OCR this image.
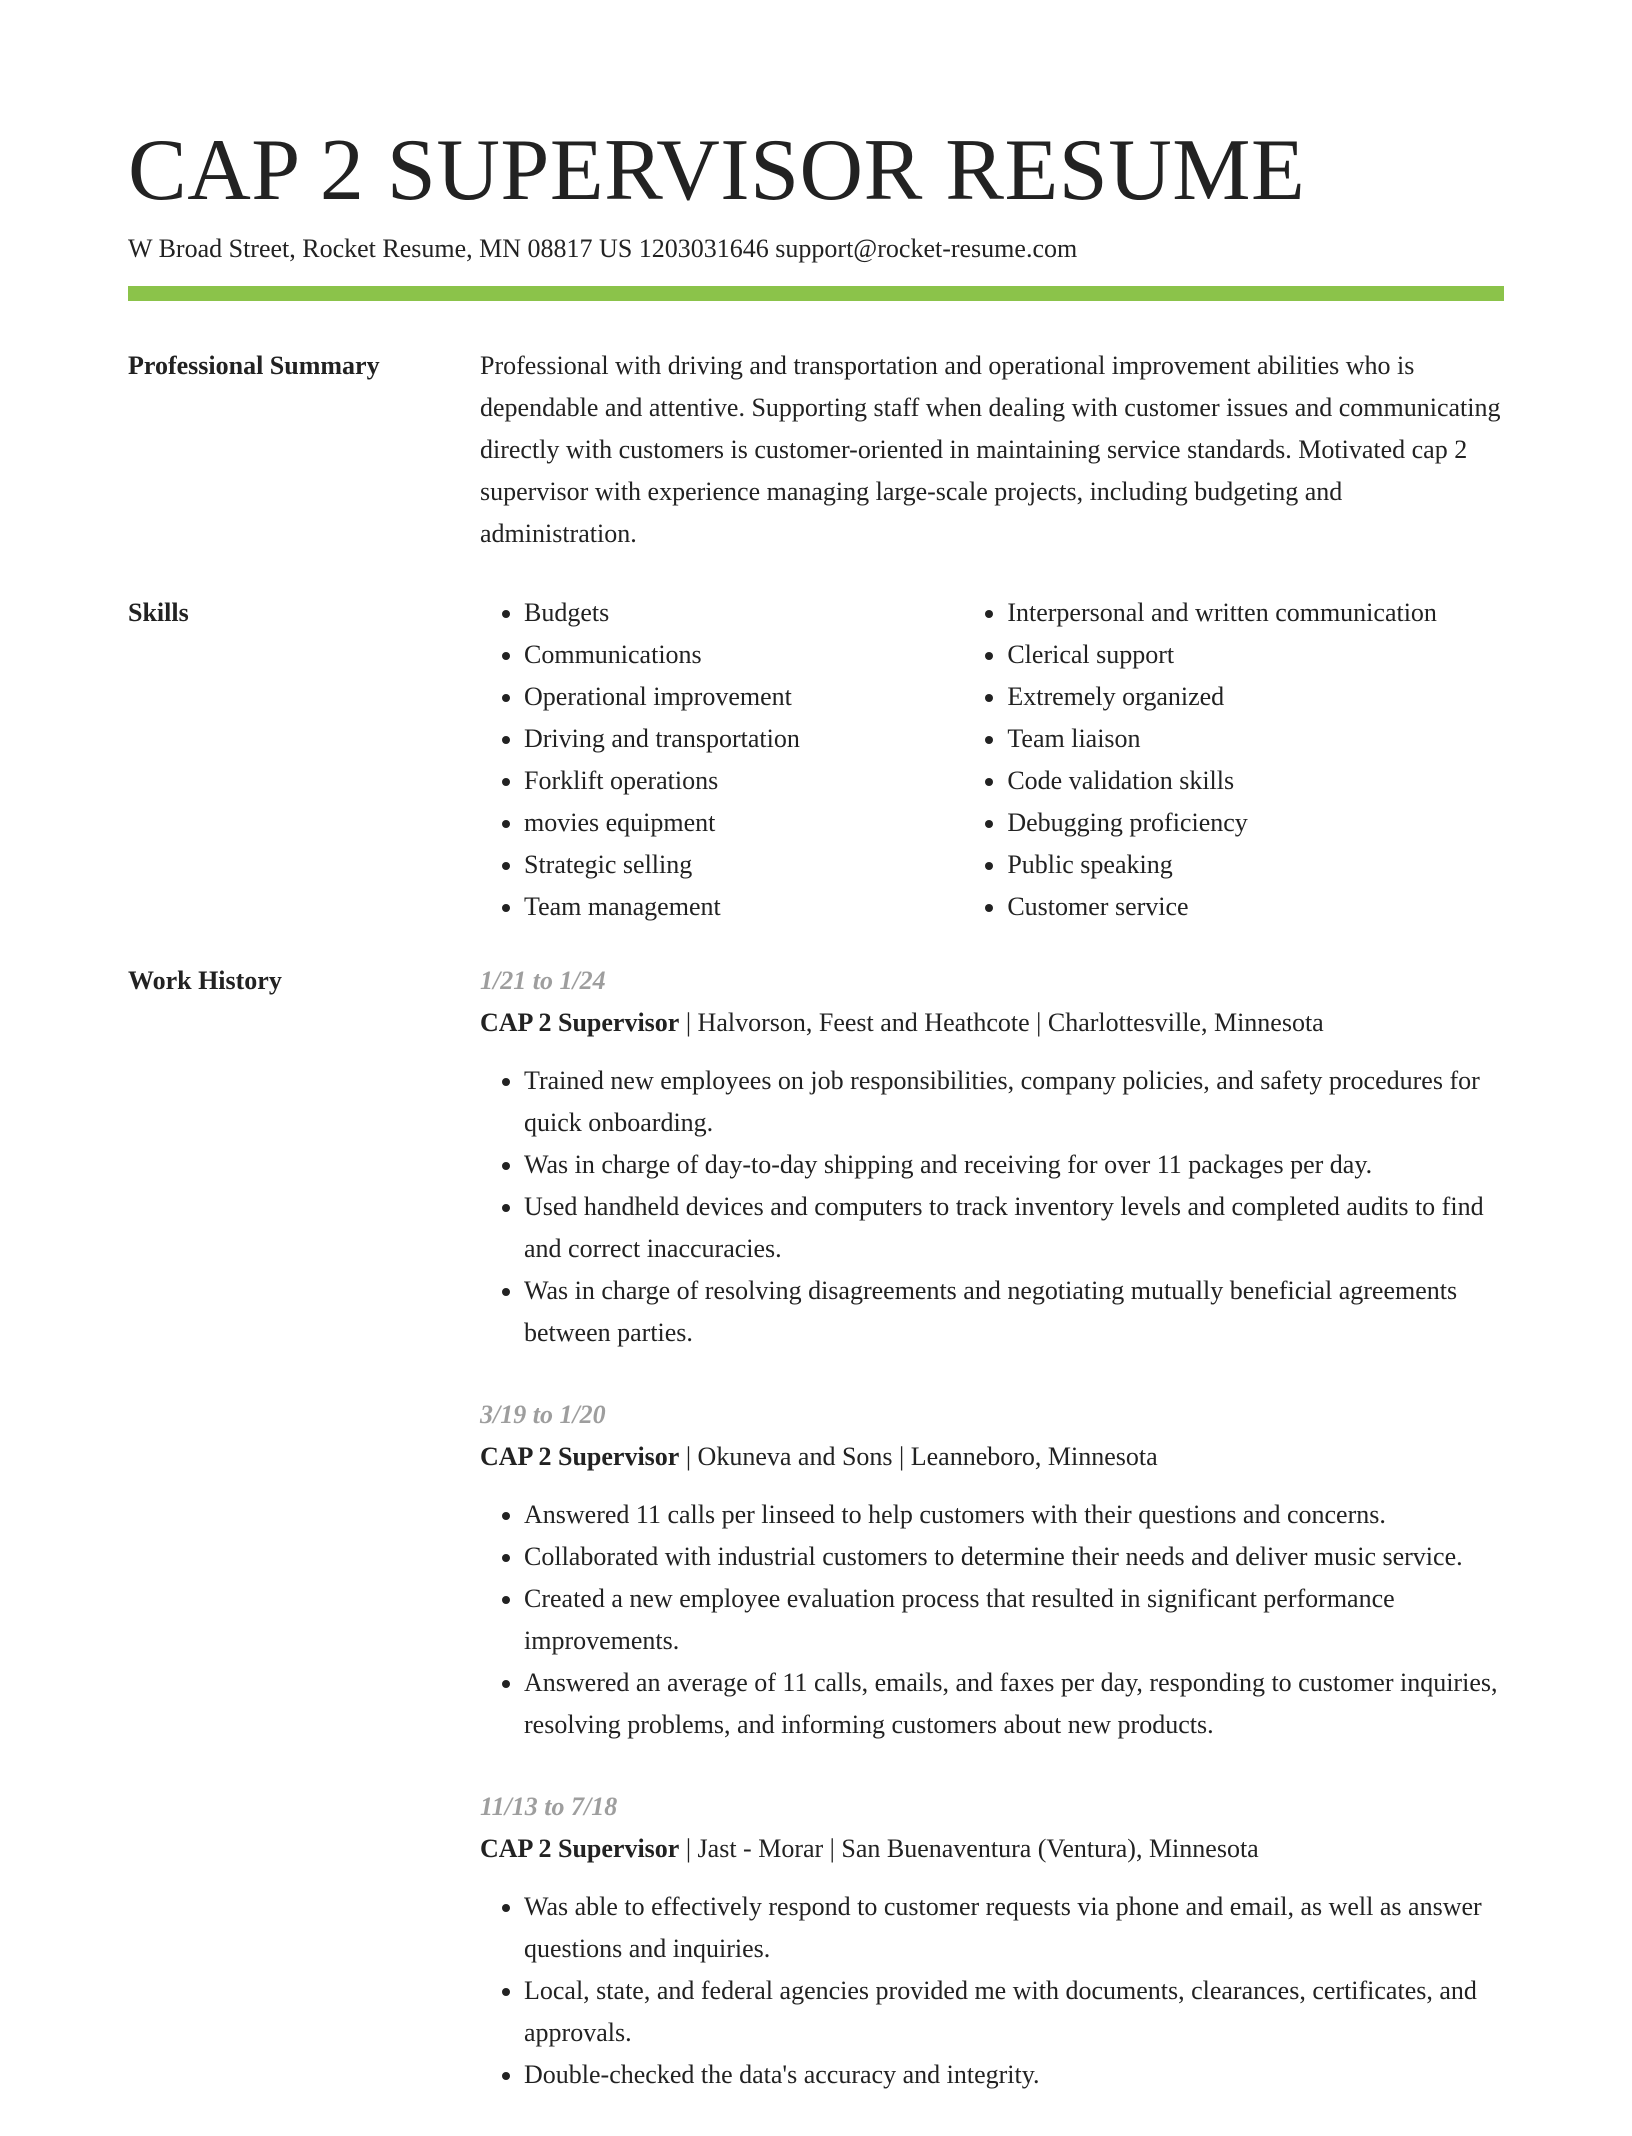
CAP 2 SUPERVISOR RESUME
W Broad Street, Rocket Resume, MN 08817 US 1203031646 support@rocket-resume.com
Professional Summary	Professional with driving and transportation and operational improvement abilities who is dependable and attentive. Supporting staff when dealing with customer issues and communicating directly with customers is customer-oriented in maintaining service standards. Motivated cap 2 supervisor with experience managing large-scale projects, including budgeting and administration.

Skills
•	Budgets
• Communications
• Operational improvement
• Driving and transportation
• Forklift operations
• movies equipment
• Strategic selling
• Team management
• Interpersonal and written communication
• Clerical support
• Extremely organized
• Team liaison
• Code validation skills
• Debugging proficiency
• Public speaking
• Customer service
Work History	1/21 to 1/24
CAP 2 Supervisor | Halvorson, Feest and Heathcote | Charlottesville, Minnesota
• Trained new employees on job responsibilities, company policies, and safety procedures for quick onboarding.
• Was in charge of day-to-day shipping and receiving for over 11 packages per day.
• Used handheld devices and computers to track inventory levels and completed audits to find and correct inaccuracies.
• Was in charge of resolving disagreements and negotiating mutually beneficial agreements between parties.
3/19 to 1/20
CAP 2 Supervisor | Okuneva and Sons | Leanneboro, Minnesota
• Answered 11 calls per linseed to help customers with their questions and concerns.
• Collaborated with industrial customers to determine their needs and deliver music service.
• Created a new employee evaluation process that resulted in significant performance improvements.
• Answered an average of 11 calls, emails, and faxes per day, responding to customer inquiries, resolving problems, and informing customers about new products.
11/13 to 7/18
CAP 2 Supervisor | Jast - Morar | San Buenaventura (Ventura), Minnesota
• Was able to effectively respond to customer requests via phone and email, as well as answer questions and inquiries.
• Local, state, and federal agencies provided me with documents, clearances, certificates, and approvals.
• Double-checked the data's accuracy and integrity.
